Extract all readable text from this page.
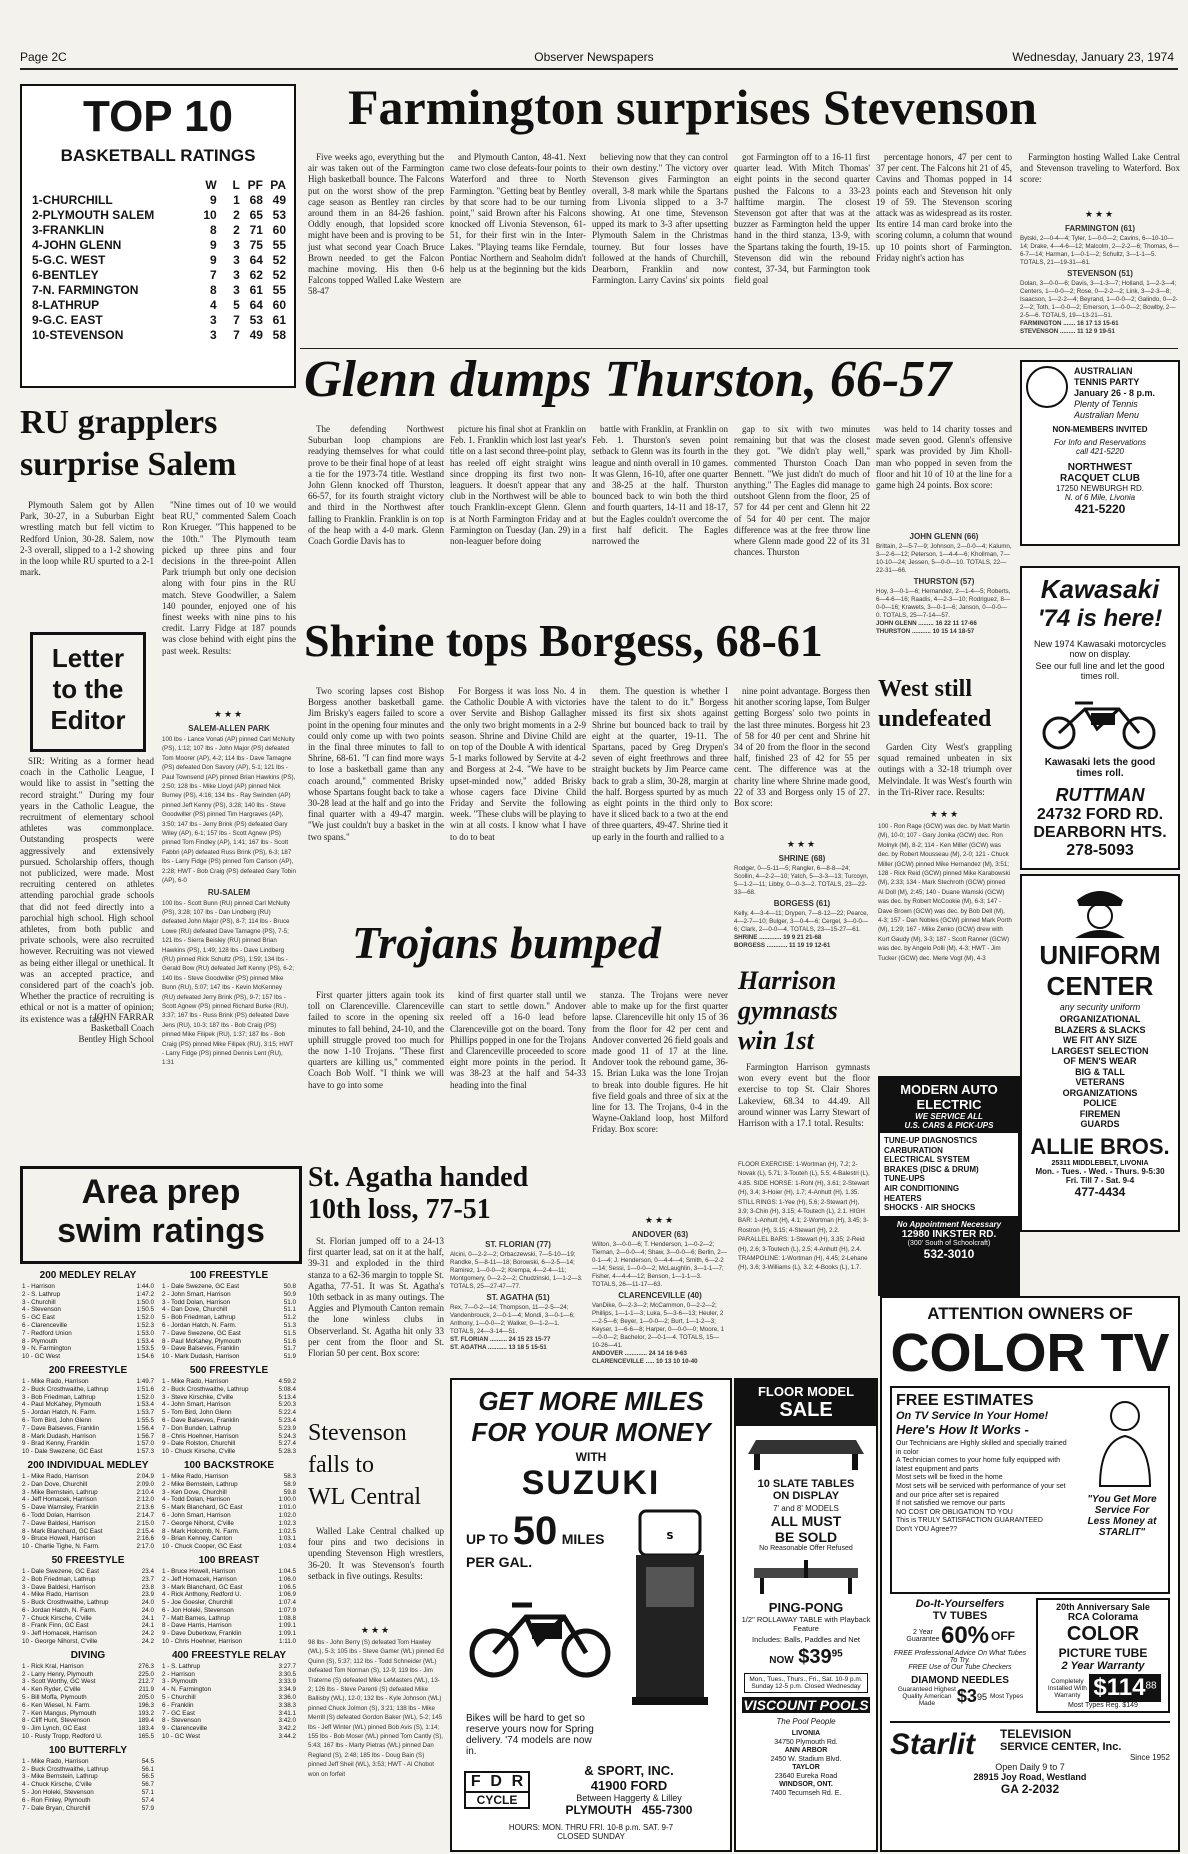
Page 2C	Observer Newspapers	Wednesday, January 23, 1974
TOP 10
BASKETBALL RATINGS
W	L PF PA
1-CHURCHILL	9	1 68 49
2-PLYMOUTH SALEM	10	2 65 53
3-FRANKLIN	8	2 71 60
4-JOHN GLENN	9	3 75 55
5-G.C. WEST	9	3 64 52
6-BENTLEY	7	3 62 52
7-N. FARMINGTON	8	3 61 55
8-LATHRUP	4	5 64 60
9-G.C. EAST	3	7 53 61
10-STEVENSON	3	7 49 58
Farmington surprises Stevenson

Five weeks ago, everything but the air was taken out of the Farmington High basketball bounce. The Falcons put on the worst show of the prep cage season as Bentley ran circles around them in an 84-26 fashion. Oddly enough, that lopsided score might have been and is proving to be just what second year Coach Bruce Brown needed to get the Falcon machine moving. His then 0-6 Falcons topped Walled Lake Western 58-47

and Plymouth Canton, 48-41. Next came two close defeats-four points to Waterford and three to North Farmington. "Getting beat by Bentley by that score had to be our turning point," said Brown after his Falcons knocked off Livonia Stevenson, 61-51, for their first win in the Inter-Lakes. "Playing teams like Ferndale, Pontiac Northern and Seaholm didn't help us at the beginning but the kids are

believing now that they can control their own destiny." The victory over Stevenson gives Farmington an overall, 3-8 mark while the Spartans from Livonia slipped to a 3-7 showing. At one time, Stevenson upped its mark to 3-3 after upsetting Plymouth Salem in the Christmas tourney. But four losses have followed at the hands of Churchill, Dearborn, Franklin and now Farmington. Larry Cavins' six points

got Farmington off to a 16-11 first quarter lead. With Mitch Thomas' eight points in the second quarter pushed the Falcons to a 33-23 halftime margin. The closest Stevenson got after that was at the buzzer as Farmington held the upper hand in the third stanza, 13-9, with the Spartans taking the fourth, 19-15. Stevenson did win the rebound contest, 37-34, but Farmington took field goal

percentage honors, 47 per cent to 37 per cent. The Falcons hit 21 of 45, Cavins and Thomas popped in 14 points each and Stevenson hit only 19 of 59. The Stevenson scoring attack was as widespread as its roster. Its entire 14 man card broke into the scoring column, a column that wound up 10 points short of Farmington. Friday night's action has

Farmington hosting Walled Lake Central and Stevenson traveling to Waterford. Box score:

★★★
FARMINGTON (61)
Bytski, 2—0-4—4; Tyler, 1—0-0—2; Cavins, 6—10-10—14; Drake, 4—4-6—12; Malcolm, 2—2-2—6; Thomas, 6—6-7—14; Harman, 1—0-1—2; Schultz, 3—1-1—5. TOTALS, 21—19-31—61.
STEVENSON (51)
Dolan, 3—0-0—6; Davis, 3—1-3—7; Holland, 1—2-3—4; Centers, 1—0-0—2; Rose, 0—2-2—2; Link, 3—2-3—8; Isaacson, 1—2-2—4; Beyrand, 1—0-0—2; Galindo, 0—2-2—2; Toth, 1—0-0—2; Emerson, 1—0-0—2; Bowlby, 2—2-5—6. TOTALS, 19—13-21—51.
FARMINGTON ....... 16 17 13 15-61
STEVENSON ......... 11 12 9 19-51
Glenn dumps Thurston, 66-57

The defending Northwest Suburban loop champions are readying themselves for what could prove to be their final hope of at least a tie for the 1973-74 title. Westland John Glenn knocked off Thurston, 66-57, for its fourth straight victory and third in the Northwest after falling to Franklin. Franklin is on top of the heap with a 4-0 mark. Glenn Coach Gordie Davis has to

picture his final shot at Franklin on Feb. 1. Franklin which lost last year's title on a last second three-point play, has reeled off eight straight wins since dropping its first two non-leaguers. It doesn't appear that any club in the Northwest will be able to touch Franklin-except Glenn. Glenn is at North Farmington Friday and at Farmington on Tuesday (Jan. 29) in a non-leaguer before doing

battle with Franklin, at Franklin on Feb. 1. Thurston's seven point setback to Glenn was its fourth in the league and ninth overall in 10 games. It was Glenn, 16-10, after one quarter and 38-25 at the half. Thurston bounced back to win both the third and fourth quarters, 14-11 and 18-17, but the Eagles couldn't overcome the first half deficit. The Eagles narrowed the

gap to six with two minutes remaining but that was the closest they got. "We didn't play well," commented Thurston Coach Dan Bennett. "We just didn't do much of anything." The Eagles did manage to outshoot Glenn from the floor, 25 of 57 for 44 per cent and Glenn hit 22 of 54 for 40 per cent. The major difference was at the free throw line where Glenn made good 22 of its 31 chances. Thurston

was held to 14 charity tosses and made seven good. Glenn's offensive spark was provided by Jim Kholl-man who popped in seven from the floor and hit 10 of 10 at the line for a game high 24 points. Box score:

JOHN GLENN (66)
Brittain, 2—5-7—9; Johnson, 2—0-0—4; Kalumn, 3—2-6—12; Peterson, 1—4-4—6; Khollman, 7—10-10—24; Jessen, 5—0-0—10. TOTALS, 22—22-31—66.
THURSTON (57)
Hoy, 3—0-1—6; Hernandez, 2—1-4—5; Roberts, 6—4-6—16; Raadis, 4—2-3—10; Rodriguez, 8—0-0—16; Krawets, 3—0-1—6; Janson, 0—0-0—0. TOTALS, 25—7-14—57.
JOHN GLENN ......... 16 22 11 17-66
THURSTON ........... 10 15 14 18-57
AUSTRALIAN
TENNIS PARTY
January 26 - 8 p.m.
Plenty of Tennis
Australian Menu
NON-MEMBERS INVITED
For Info and Reservations
call 421-5220
NORTHWEST
RACQUET CLUB
17250 NEWBURGH RD.
N. of 6 Mile, Livonia
421-5220
RU grapplers
surprise Salem

Plymouth Salem got by Allen Park, 30-27, in a Suburban Eight wrestling match but fell victim to Redford Union, 30-28. Salem, now 2-3 overall, slipped to a 1-2 showing in the loop while RU spurted to a 2-1 mark.

"Nine times out of 10 we would beat RU," commented Salem Coach Ron Krueger. "This happened to be the 10th." The Plymouth team picked up three pins and four decisions in the three-point Allen Park triumph but only one decision along with four pins in the RU match. Steve Goodwiller, a Salem 140 pounder, enjoyed one of his finest weeks with nine pins to his credit. Larry Fidge at 187 pounds was close behind with eight pins the past week. Results:

★★★
SALEM-ALLEN PARK
100 lbs - Lance Vonati (AP) pinned Carl McNulty (PS), 1:12; 107 lbs - John Major (PS) defeated Tom Moorer (AP), 4-2; 114 lbs - Dave Tamagne (PS) defeated Don Savory (AP), 5-1; 121 lbs - Paul Townsend (AP) pinned Brian Hawkins (PS), 2:50; 128 lbs - Mike Lloyd (AP) pinned Nick Burney (PS), 4:16; 134 lbs - Ray Swinden (AP) pinned Jeff Kenny (PS), 3:28; 140 lbs - Steve Goodwiller (PS) pinned Tim Hargraves (AP), 3:50; 147 lbs - Jerry Brink (PS) defeated Gary Wiley (AP), 6-1; 157 lbs - Scott Agnew (PS) pinned Tom Findley (AP), 1:41; 167 lbs - Scott Fabbri (AP) defeated Russ Brink (PS), 6-3; 187 lbs - Larry Fidge (PS) pinned Tom Carlson (AP), 2:28; HWT - Bob Craig (PS) defeated Gary Tobin (AP), 6-0
RU-SALEM
100 lbs - Scott Bunn (RU) pinned Carl McNulty (PS), 3:28; 107 lbs - Dan Lindberg (RU) defeated John Major (PS), 8-7; 114 lbs - Bruce Lowe (RU) defeated Dave Tamagne (PS), 7-5; 121 lbs - Sierra Beisley (RU) pinned Brian Hawkins (PS), 1:49; 128 lbs - Dave Lindberg (RU) pinned Rick Schultz (PS), 1:59; 134 lbs - Gerald Bow (RU) defeated Jeff Kenny (PS), 6-2; 140 lbs - Steve Goodwiller (PS) pinned Mike Bunn (RU), 5:07; 147 lbs - Kevin McKenney (RU) defeated Jerry Brink (PS), 9-7; 157 lbs - Scott Agnew (PS) pinned Richard Burke (RU), 3:37; 167 lbs - Russ Brink (PS) defeated Dave Jens (RU), 10-3; 187 lbs - Bob Craig (PS) pinned Mike Filipek (RU), 1:37; 187 lbs - Bob Craig (PS) pinned Mike Filipek (RU), 3:15; HWT - Larry Fidge (PS) pinned Dennis Lent (RU), 1:31
Letter
to the
Editor

SIR: Writing as a former head coach in the Catholic League, I would like to assist in "setting the record straight." During my four years in the Catholic League, the recruitment of elementary school athletes was commonplace. Outstanding prospects were aggressively and extensively pursued. Scholarship offers, though not publicized, were made. Most recruiting centered on athletes attending parochial grade schools that did not feed directly into a parochial high school. High school athletes, from both public and private schools, were also recruited however. Recruiting was not viewed as being either illegal or unethical. It was an accepted practice, and considered part of the coach's job. Whether the practice of recruiting is ethical or not is a matter of opinion; its existence was a fact.

JOHN FARRAR
Basketball Coach
Bentley High School
Shrine tops Borgess, 68-61

Two scoring lapses cost Bishop Borgess another basketball game. Jim Brisky's eagers failed to score a point in the opening four minutes and could only come up with two points in the final three minutes to fall to Shrine, 68-61. "I can find more ways to lose a basketball game than any coach around," commented Brisky whose Spartans fought back to take a 30-28 lead at the half and go into the final quarter with a 49-47 margin. "We just couldn't buy a basket in the two spans."

For Borgess it was loss No. 4 in the Catholic Double A with victories over Servite and Bishop Gallagher the only two bright moments in a 2-9 season. Shrine and Divine Child are on top of the Double A with identical 5-1 marks followed by Servite at 4-2 and Borgess at 2-4. "We have to be upset-minded now," added Brisky whose cagers face Divine Child Friday and Servite the following week. "These clubs will be playing to win at all costs. I know what I have to do to beat

them. The question is whether I have the talent to do it." Borgess missed its first six shots against Shrine but bounced back to trail by eight at the quarter, 19-11. The Spartans, paced by Greg Drypen's seven of eight freethrows and three straight buckets by Jim Pearce came back to grab a slim, 30-28, margin at the half. Borgess spurted by as much as eight points in the third only to have it sliced back to a two at the end of three quarters, 49-47. Shrine tied it up early in the fourth and rallied to a

nine point advantage. Borgess then hit another scoring lapse, Tom Bulger getting Borgess' solo two points in the last three minutes. Borgess hit 23 of 58 for 40 per cent and Shrine hit 34 of 20 from the floor in the second half, finished 23 of 42 for 55 per cent. The difference was at the charity line where Shrine made good, 22 of 33 and Borgess only 15 of 27. Box score:

★★★
SHRINE (68)
Rodger, 0—5-11—5; Rangler, 6—8-8—24; Scollin, 4—2-2—10; Yatch, 5—3-3—13; Turcoyn, 5—1-2—11; Libby, 0—0-3—2. TOTALS, 23—22-33—68.
BORGESS (61)
Kelly, 4—3-4—11; Drypen, 7—8-12—22; Pearce, 4—2-7—10; Bulger, 3—0-4—6; Cergel, 3—0-0—6; Clark, 2—0-0—4. TOTALS, 23—15-27—61.
SHRINE ............. 19 9 21 21-68
BORGESS ............ 11 19 19 12-61
Kawasaki
'74 is here!
New 1974 Kawasaki motorcycles now on display.
See our full line and let the good times roll.
Kawasaki lets the good times roll.
RUTTMAN
24732 FORD RD.
DEARBORN HTS.
278-5093
West still
undefeated

Garden City West's grappling squad remained unbeaten in six outings with a 32-18 triumph over Melvindale. It was West's fourth win in the Tri-River race. Results:

★★★
100 - Ron Rage (GCW) was dec. by Matt Martin (M), 10-0; 107 - Gary Jonika (GCW) dec. Ron Molnyk (M), 8-2; 114 - Ken Miller (GCW) was dec. by Robert Mousseau (M), 2-0; 121 - Chuck Miller (GCW) pinned Mike Hernandez (M), 3:51; 128 - Rick Reid (GCW) pinned Mike Karabowski (M), 2:33; 134 - Mark Stechroth (GCW) pinned Al Doll (M), 2:45; 140 - Duane Wamski (GCW) was dec. by Robert McCookie (M), 6-3; 147 - Dave Brown (GCW) was dec. by Bob Dell (M), 4-3; 157 - Dan Nobles (GCW) pinned Mark Porth (M), 1:29; 167 - Mike Zenko (GCW) drew with Kurt Gaudy (M), 3-3; 187 - Scott Ranner (GCW) was dec. by Angelo Polli (M), 4-3; HWT - Jim Tucker (GCW) dec. Merle Vogt (M), 4-3	UNIFORM
CENTER
any security uniform
ORGANIZATIONAL
BLAZERS & SLACKS
WE FIT ANY SIZE
LARGEST SELECTION
OF MEN'S WEAR
BIG & TALL
VETERANS
ORGANIZATIONS
POLICE
FIREMEN
GUARDS
ALLIE BROS.
25311 MIDDLEBELT, LIVONIA
Mon. - Tues. - Wed. - Thurs. 9-5:30
Fri. Till 7 - Sat. 9-4
477-4434
Trojans bumped

First quarter jitters again took its toll on Clarenceville. Clarenceville failed to score in the opening six minutes to fall behind, 24-10, and the uphill struggle proved too much for the now 1-10 Trojans. "These first quarters are killing us," commented Coach Bob Wolf. "I think we will have to go into some

kind of first quarter stall until we can start to settle down." Andover reeled off a 16-0 lead before Clarenceville got on the board. Tony Phillips popped in one for the Trojans and Clarenceville proceeded to score eight more points in the period. It was 38-23 at the half and 54-33 heading into the final

stanza. The Trojans were never able to make up for the first quarter lapse. Clarenceville hit only 15 of 36 from the floor for 42 per cent and Andover converted 26 field goals and made good 11 of 17 at the line. Andover took the rebound game, 36-15. Brian Luka was the lone Trojan to break into double figures. He hit five field goals and three of six at the line for 13. The Trojans, 0-4 in the Wayne-Oakland loop, host Milford Friday. Box score:

★★★
ANDOVER (63)
Wilton, 3—0-0—6; T. Henderson, 1—0-2—2; Tiernan, 2—0-0—4; Shaw, 3—0-0—6; Berlin, 2—0-1—4; J. Henderson, 0—4-4—4; Smith, 6—2-2—14; Sessi, 1—0-0—2; McLaughlin, 3—1-1—7; Fisher, 4—4-4—12; Benson, 1—1-1—3. TOTALS, 26—11-17—63.
CLARENCEVILLE (40)
VanDike, 0—2-3—2; McCammon, 0—2-2—2; Phillips, 1—1-1—3; Luka, 5—3-6—13; Heuler, 2—2-5—6; Beyer, 1—0-0—2; Burt, 1—1-2—3; Keyser, 1—6-6—8; Harper, 0—0-0—0; Moore, 1—0-0—2; Bachelor, 2—0-1—4. TOTALS, 15—10-26—41.
ANDOVER ............. 24 14 16 9-63
CLARENCEVILLE ..... 10 13 10 10-40
Harrison
gymnasts
win 1st

Farmington Harrison gymnasts won every event but the floor exercise to top St. Clair Shores Lakeview, 68.34 to 44.49. All around winner was Larry Stewart of Harrison with a 17.1 total. Results:

FLOOR EXERCISE: 1-Wortman (H), 7.2; 2-Novak (L), 5.71; 3-Touteh (L), 5.5; 4-Balestri (L), 4.85. SIDE HORSE: 1-Rohl (H), 3.61; 2-Stewart (H), 3.4; 3-Hoier (H), 1.7; 4-Anhutt (H), 1.35. STILL RINGS: 1-Yee (H), 5.6; 2-Stewart (H), 3.9; 3-Chin (H), 3.15; 4-Toutech (L), 2.1. HIGH BAR: 1-Anhutt (H), 4.1; 2-Wortman (H), 3.45; 3-Rostron (H), 3.15; 4-Stewart (H), 2.2. PARALLEL BARS: 1-Stewart (H), 3.35; 2-Reid (H), 2.6; 3-Toutech (L), 2.5; 4-Anhutt (H), 2.4. TRAMPOLINE: 1-Wortman (H), 4.45; 2-Lehane (H), 3.6; 3-Williams (L), 3.2; 4-Books (L), 1.7.
MODERN AUTO
ELECTRIC
WE SERVICE ALL
U.S. CARS & PICK-UPS
TUNE-UP DIAGNOSTICS
CARBURATION
ELECTRICAL SYSTEM
BRAKES (DISC & DRUM)
TUNE-UPS
AIR CONDITIONING
HEATERS
SHOCKS · AIR SHOCKS
No Appointment Necessary
12980 INKSTER RD.
(300' South of Schoolcraft)
532-3010
Area prep
swim ratings
200 MEDLEY RELAY
1 - Harrison	1:44.0
2 - S. Lathrup	1:47.2
3 - Churchill	1:50.0
4 - Stevenson	1:50.5
5 - GC East	1:52.0
6 - Clarenceville	1:52.3
7 - Redford Union	1:53.0
8 - Plymouth	1:53.4
9 - N. Farmington	1:53.5
10 - GC West	1:54.6
200 FREESTYLE
1 - Mike Rado, Harrison	1:49.7
2 - Buck Crosthwaithe, Lathrup	1:51.6
3 - Bob Friedman, Lathrup	1:52.0
4 - Paul McKahey, Plymouth	1:53.4
5 - Jordan Hatch, N. Farm.	1:53.7
6 - Tom Bird, John Glenn	1:55.5
7 - Dave Balseves, Franklin	1:56.4
8 - Mark Dudash, Harrison	1:56.7
9 - Brad Kenny, Franklin	1:57.0
10 - Dale Swezene, GC East	1:57.3
200 INDIVIDUAL MEDLEY
1 - Mike Rado, Harrison	2:04.9
2 - Dan Dove, Churchill	2:09.0
3 - Mike Bernstein, Lathrup	2:10.4
4 - Jeff Homacek, Harrison	2:12.0
5 - Dave Wamsley, Franklin	2:13.6
6 - Todd Dolan, Harrison	2:14.7
7 - Dave Baldesi, Harrison	2:15.0
8 - Mark Blanchard, GC East	2:15.4
9 - Bruce Howell, Harrison	2:16.6
10 - Charlie Tighe, N. Farm.	2:17.0
50 FREESTYLE
1 - Dale Swezene, GC East	23.4
2 - Bob Friedman, Lathrup	23.7
3 - Dave Baldesi, Harrison	23.8
4 - Mike Rado, Harrison	23.9
5 - Buck Crosthwaithe, Lathrup	24.0
6 - Jordan Hatch, N. Farm.	24.0
7 - Chuck Kirsche, C'ville	24.1
8 - Frank Finn, GC East	24.1
9 - Jeff Homacek, Harrison	24.2
10 - George Nihorst, C'ville	24.2
DIVING
1 - Rick Kral, Harrison	276.3
2 - Larry Henry, Plymouth	225.0
3 - Scott Worthy, GC West	212.7
4 - Ken Ryder, C'ville	211.9
5 - Bill Moffa, Plymouth	205.0
6 - Ken Wiesel, N. Farm.	196.3
7 - Ken Mangus, Plymouth	193.2
8 - Cliff Hunt, Stevenson	189.4
9 - Jim Lynch, GC East	183.4
10 - Rusty Tropp, Redford U.	165.5
100 BUTTERFLY
1 - Mike Rado, Harrison	54.5
2 - Buck Crosthwaithe, Lathrup	56.1
3 - Mike Bernstein, Lathrup	56.5
4 - Chuck Kirsche, C'ville	56.7
5 - Jon Holeki, Stevenson	57.1
6 - Ron Finley, Plymouth	57.4
7 - Dale Bryan, Churchill	57.9
100 FREESTYLE
1 - Dale Swezene, GC East	50.8
2 - John Smart, Harrison	50.9
3 - Todd Dolan, Harrison	51.0
4 - Dan Dove, Churchill	51.1
5 - Bob Friedman, Lathrup	51.2
6 - Jordan Hatch, N. Farm.	51.3
7 - Dave Swezene, GC East	51.5
8 - Paul McKahey, Plymouth	51.6
9 - Dave Balseves, Franklin	51.7
10 - Mark Dudash, Harrison	51.9
500 FREESTYLE
1 - Mike Rado, Harrison	4:59.2
2 - Buck Crosthwaithe, Lathrup	5:08.4
3 - Steve Kirschke, C'ville	5:13.4
4 - John Smart, Harrison	5:20.3
5 - Tom Bird, John Glenn	5:22.4
6 - Dave Balseves, Franklin	5:23.4
7 - Don Bunden, Lathrup	5:23.9
8 - Chris Hoehner, Harrison	5:24.3
9 - Dale Rolston, Churchill	5:27.4
10 - Chuck Kirsche, C'ville	5:28.3
100 BACKSTROKE
1 - Mike Rado, Harrison	58.3
2 - Mike Bernstein, Lathrup	58.9
3 - Ken Dove, Churchill	59.8
4 - Todd Dolan, Harrison	1:00.0
5 - Mark Blanchard, GC East	1:01.0
6 - John Smart, Harrison	1:02.0
7 - George Nihorst, C'ville	1:02.3
8 - Mark Holcomb, N. Farm.	1:02.5
9 - Brian Kenney, Canton	1:03.1
10 - Chuck Cooper, GC East	1:03.4
100 BREAST
1 - Bruce Howell, Harrison	1:04.5
2 - Jeff Homacek, Harrison	1:06.0
3 - Mark Blanchard, GC East	1:06.5
4 - Rick Anthony, Redford U.	1:06.9
5 - Joe Goesler, Churchill	1:07.4
6 - Jon Holeki, Stevenson	1:07.9
7 - Matt Barnes, Lathrup	1:08.8
8 - Dave Harris, Harrison	1:09.1
9 - Dave Duberkow, Franklin	1:09.1
10 - Chris Hoehner, Harrison	1:11.0
400 FREESTYLE RELAY
1 - S. Lathrup	3:27.7
2 - Harrison	3:30.5
3 - Plymouth	3:33.9
4 - N. Farmington	3:34.9
5 - Churchill	3:36.0
6 - Franklin	3:38.3
7 - GC East	3:41.1
8 - Stevenson	3:42.0
9 - Clarenceville	3:42.2
10 - GC West	3:44.2
St. Agatha handed
10th loss, 77-51

St. Florian jumped off to a 24-13 first quarter lead, sat on it at the half, 39-31 and exploded in the third stanza to a 62-36 margin to topple St. Agatha, 77-51. It was St. Agatha's 10th setback in as many outings. The Aggies and Plymouth Canton remain the lone winless clubs in Observerland. St. Agatha hit only 33 per cent from the floor and St. Florian 50 per cent. Box score:

ST. FLORIAN (77)
Alcini, 0—2-2—2; Orbaczewski, 7—5-10—19; Randke, 5—8-11—18; Borowski, 6—2-5—14; Ramirez, 1—0-0—2; Krempa, 4—2-4—11; Montgomery, 0—2-2—2; Chudzinski, 1—1-2—3. TOTALS, 25—27-47—77.
ST. AGATHA (51)
Rex, 7—0-2—14; Thompson, 11—2-5—24; Vandenbrouck, 2—0-1—4; Mondi, 3—0-1—6; Anthony, 1—0-0—2; Walker, 0—1-2—1. TOTALS, 24—3-14—51.
ST. FLORIAN .......... 24 15 23 15-77
ST. AGATHA ........... 13 18 5 15-51
Stevenson
falls to
WL Central

Walled Lake Central chalked up four pins and two decisions in upending Stevenson High wrestlers, 36-20. It was Stevenson's fourth setback in five outings. Results:

★★★
98 lbs - John Berry (S) defeated Tom Hawley (WL), 5-3; 105 lbs - Steve Gamer (WL) pinned Ed Quinn (S), 5:37; 112 lbs - Todd Schneider (WL) defeated Tom Norman (S), 12-9; 119 lbs - Jim Traterne (S) defeated Mike LeMasters (WL), 13-2; 126 lbs - Steve Parenti (S) defeated Mike Ballisby (WL), 12-0; 132 lbs - Kyle Johnson (WL) pinned Chuck Jolmon (S), 3:21; 138 lbs - Mike Merrill (S) defeated Gordon Baker (WL), 5-2; 145 lbs - Jeff Winter (WL) pinned Bob Avis (S), 1:14; 155 lbs - Bob Moser (WL) pinned Tom Cantly (S), 5:43; 167 lbs - Marty Pietras (WL) pinned Dan Regland (S), 2:48; 185 lbs - Doug Bain (S) pinned Jeff Sheil (WL), 3:53; HWT - Al Chobot won on forfeit
GET MORE MILES
FOR YOUR MONEY
WITH
SUZUKI
UP TO 50 MILES
PER GAL.
S
Bikes will be hard to get so reserve yours now for Spring delivery. '74 models are now in.
F D R
CYCLE
& SPORT, INC.
41900 FORD
Between Haggerty & Lilley
PLYMOUTH 455-7300
HOURS: MON. THRU FRI. 10-8 p.m. SAT. 9-7
CLOSED SUNDAY
FLOOR MODEL
SALE
10 SLATE TABLES
ON DISPLAY
7' and 8' MODELS
ALL MUST
BE SOLD
No Reasonable Offer Refused
PING-PONG
1/2" ROLLAWAY TABLE with Playback Feature
Includes: Balls, Paddles and Net
NOW $\$39^{95}$
Mon., Tues., Thurs., Fri., Sat. 10-9 p.m. Sunday 12-5 p.m. Closed Wednesday
VISCOUNT POOLS
The Pool People
LIVONIA
34750 Plymouth Rd.
ANN ARBOR
2450 W. Stadium Blvd.
TAYLOR
23640 Eureka Road
WINDSOR, ONT.
7400 Tecumseh Rd. E.
ATTENTION OWNERS OF
COLOR TV
FREE ESTIMATES
On TV Service In Your Home!
Here's How It Works -
Our Technicians are Highly skilled and specially trained in color
A Technician comes to your home fully equipped with latest equipment and parts
Most sets will be fixed in the home
Most sets will be serviced with performance of your set and our price after set is repaired
If not satisfied we remove our parts
NO COST OR OBLIGATION TO YOU
This is TRULY SATISFACTION GUARANTEED
Don't YOU Agree??
"You Get More Service For Less Money at STARLIT"
Do-It-Yourselfers
TV TUBES
2 Year Guarantee 60% OFF
FREE Professional Advice On What Tubes To Try.
FREE Use of Our Tube Checkers
DIAMOND NEEDLES
Guaranteed Highest Quality American Made	$3 95 Most Types
20th Anniversary Sale
RCA Colorama
COLOR
PICTURE TUBE
2 Year Warranty
Completely Installed With Warranty $\$114^{88}$
Most Types Reg. $149
Starlit	TELEVISION
SERVICE CENTER, Inc.
Since 1952
Open Daily 9 to 7
28915 Joy Road, Westland
GA 2-2032
